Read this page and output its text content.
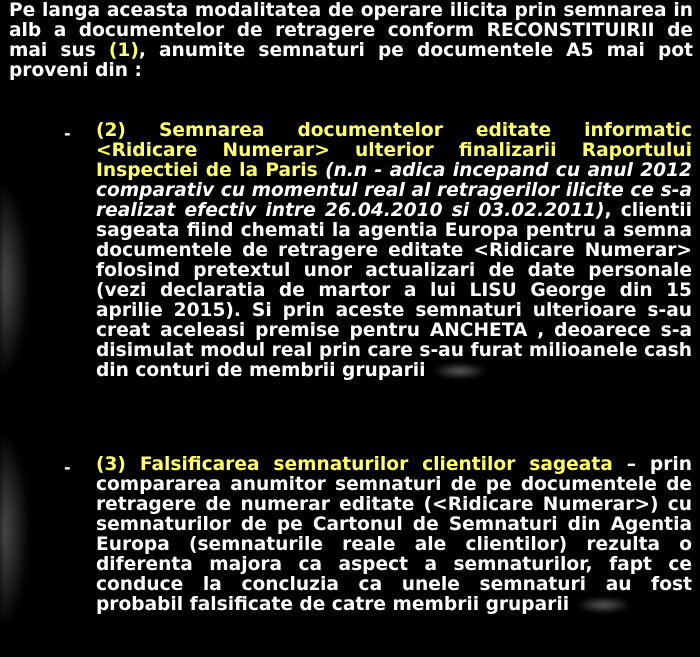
Pe langa aceasta modalitatea de operare ilicita prin semnarea in alb a documentelor de retragere conform RECONSTITUIRII de mai sus (1), anumite semnaturi pe documentele A5 mai pot proveni din :

- (2) Semnarea documentelor editate informatic <Ridicare Numerar> ulterior finalizarii Raportului Inspectiei de la Paris (n.n - adica incepand cu anul 2012 comparativ cu momentul real al retragerilor ilicite ce s-a realizat efectiv intre 26.04.2010 si 03.02.2011), clientii sageata fiind chemati la agentia Europa pentru a semna documentele de retragere editate <Ridicare Numerar> folosind pretextul unor actualizari de date personale (vezi declaratia de martor a lui LISU George din 15 aprilie 2015). Si prin aceste semnaturi ulterioare s-au creat aceleasi premise pentru ANCHETA , deoarece s-a disimulat modul real prin care s-au furat milioanele cash din conturi de membrii gruparii

- (3) Falsificarea semnaturilor clientilor sageata – prin compararea anumitor semnaturi de pe documentele de retragere de numerar editate (<Ridicare Numerar>) cu semnaturilor de pe Cartonul de Semnaturi din Agentia Europa (semnaturile reale ale clientilor) rezulta o diferenta majora ca aspect a semnaturilor, fapt ce conduce la concluzia ca unele semnaturi au fost probabil falsificate de catre membrii gruparii
